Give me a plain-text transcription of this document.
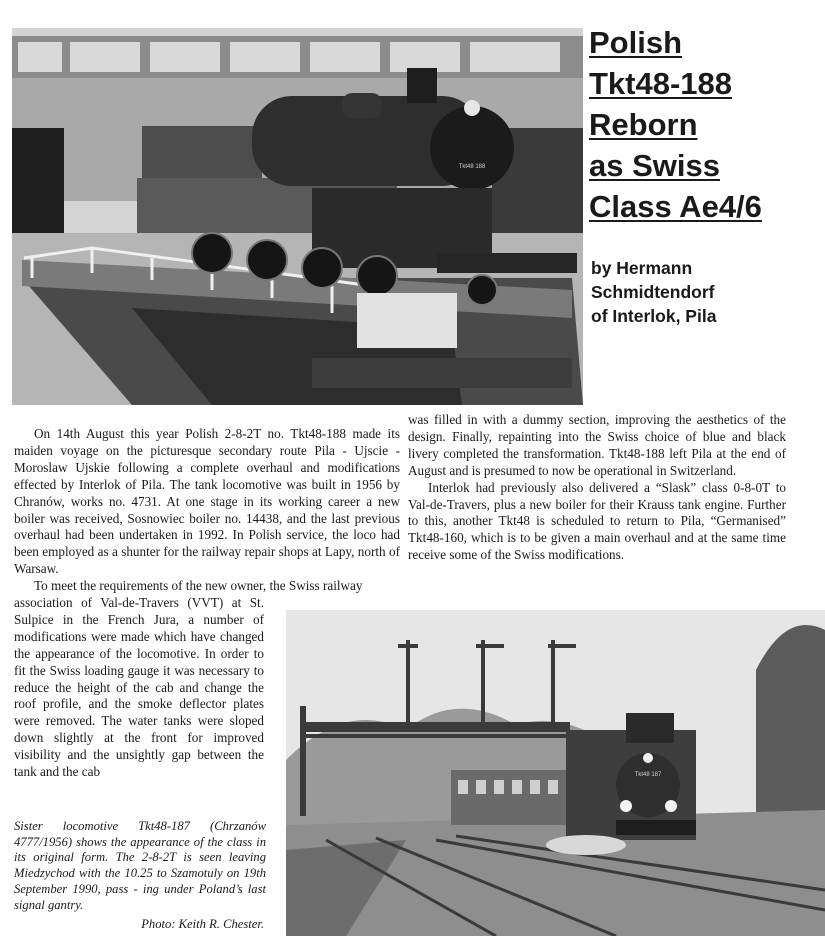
Tkt48 188
Polish
Tkt48-188
Reborn
as Swiss
Class Ae4/6
by Hermann
Schmidtendorf
of Interlok, Pila

On 14th August this year Polish 2-8-2T no. Tkt48-188 made its maiden voyage on the picturesque secondary route Pila - Ujscie - Moroslaw Ujskie following a complete overhaul and modifications effected by Interlok of Pila. The tank locomotive was built in 1956 by Chranów, works no. 4731. At one stage in its working career a new boiler was received, Sosnowiec boiler no. 14438, and the last previous overhaul had been undertaken in 1992. In Polish service, the loco had been employed as a shunter for the railway repair shops at Lapy, north of Warsaw.

To meet the requirements of the new owner, the Swiss railway

association of Val-de-Travers (VVT) at St. Sulpice in the French Jura, a number of modifications were made which have changed the appearance of the locomotive. In order to fit the Swiss loading gauge it was necessary to reduce the height of the cab and change the roof profile, and the smoke deflector plates were removed. The water tanks were sloped down slightly at the front for improved visibility and the unsightly gap between the tank and the cab

was filled in with a dummy section, improving the aesthetics of the design. Finally, repainting into the Swiss choice of blue and black livery completed the transformation. Tkt48-188 left Pila at the end of August and is presumed to now be operational in Switzerland.

Interlok had previously also delivered a “Slask” class 0-8-0T to Val-de-Travers, plus a new boiler for their Krauss tank engine. Further to this, another Tkt48 is scheduled to return to Pila, “Germanised” Tkt48-160, which is to be given a main overhaul and at the same time receive some of the Swiss modifications.

Tkt48 187
Sister locomotive Tkt48-187 (Chrzanów 4777/1956) shows the appearance of the class in its original form. The 2-8-2T is seen leaving Miedzychod with the 10.25 to Szamotuly on 19th September 1990, pass - ing under Poland’s last signal gantry.
Photo: Keith R. Chester.
